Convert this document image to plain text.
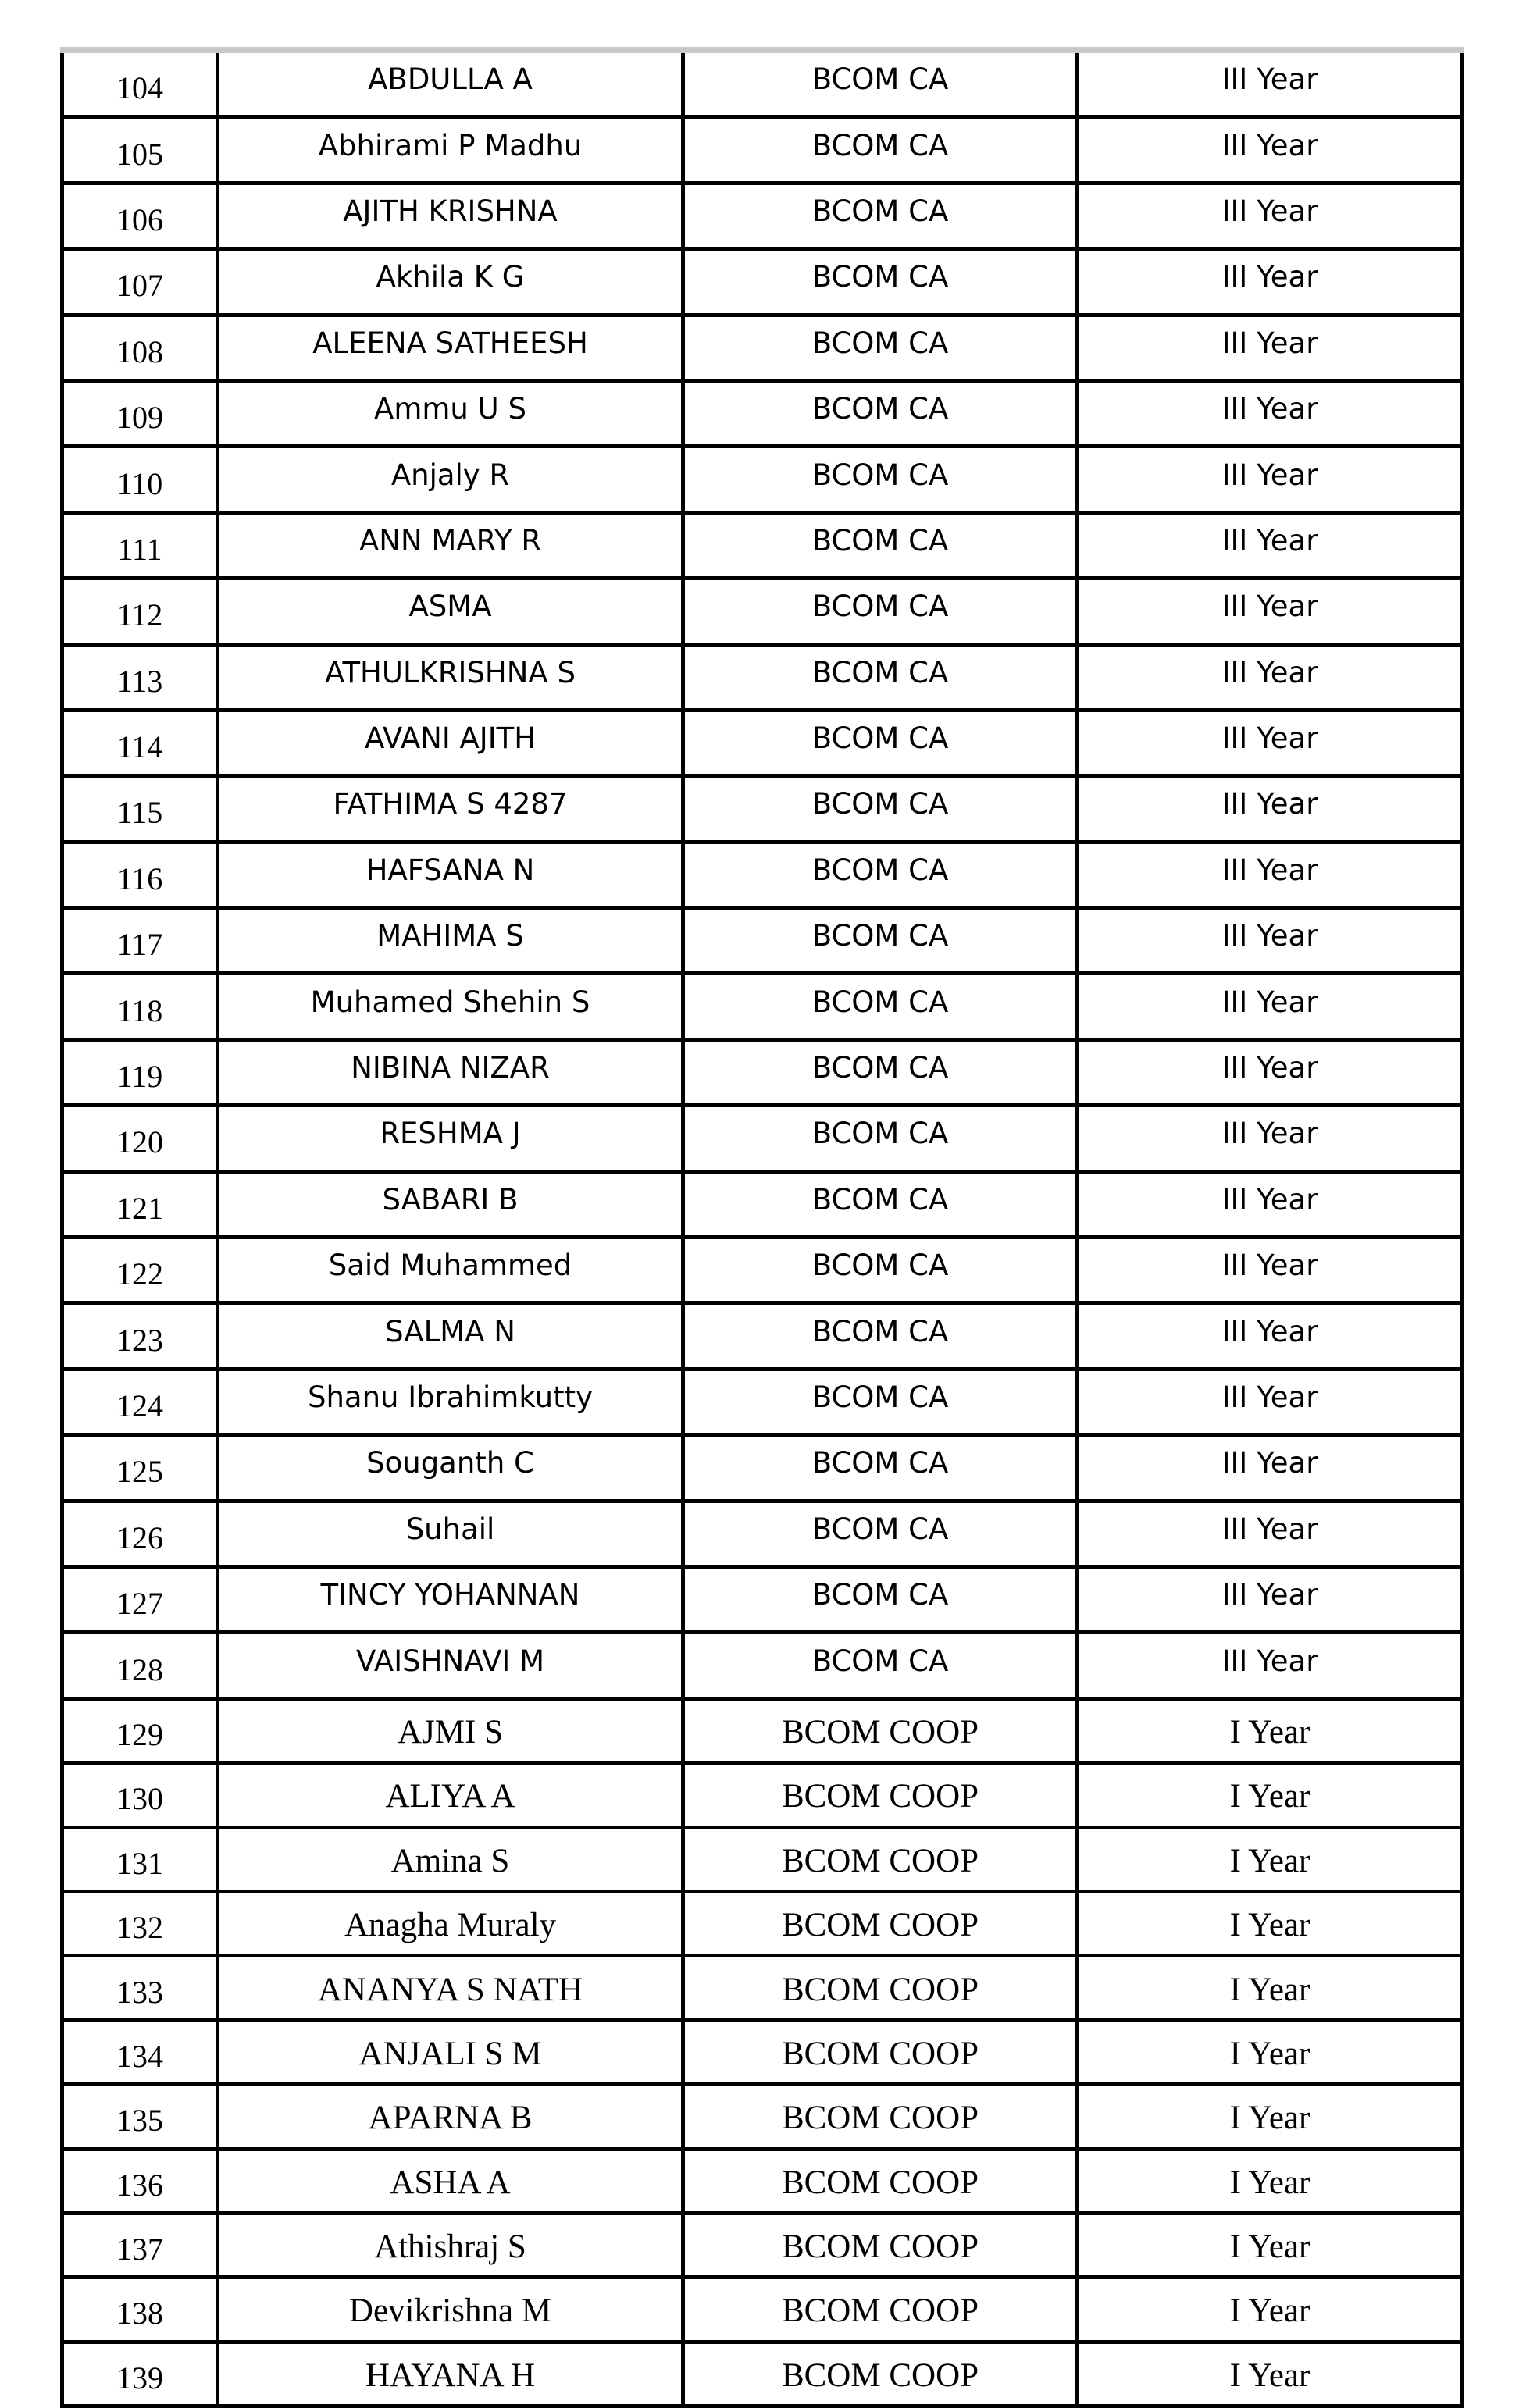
104	ABDULLA A	BCOM CA	III Year
105	Abhirami P Madhu	BCOM CA	III Year
106	AJITH KRISHNA	BCOM CA	III Year
107	Akhila K G	BCOM CA	III Year
108	ALEENA SATHEESH	BCOM CA	III Year
109	Ammu U S	BCOM CA	III Year
110	Anjaly R	BCOM CA	III Year
111	ANN MARY R	BCOM CA	III Year
112	ASMA	BCOM CA	III Year
113	ATHULKRISHNA S	BCOM CA	III Year
114	AVANI AJITH	BCOM CA	III Year
115	FATHIMA S 4287	BCOM CA	III Year
116	HAFSANA N	BCOM CA	III Year
117	MAHIMA S	BCOM CA	III Year
118	Muhamed Shehin S	BCOM CA	III Year
119	NIBINA NIZAR	BCOM CA	III Year
120	RESHMA J	BCOM CA	III Year
121	SABARI B	BCOM CA	III Year
122	Said Muhammed	BCOM CA	III Year
123	SALMA N	BCOM CA	III Year
124	Shanu Ibrahimkutty	BCOM CA	III Year
125	Souganth C	BCOM CA	III Year
126	Suhail	BCOM CA	III Year
127	TINCY YOHANNAN	BCOM CA	III Year
128	VAISHNAVI M	BCOM CA	III Year
129	AJMI S	BCOM COOP	I Year
130	ALIYA A	BCOM COOP	I Year
131	Amina S	BCOM COOP	I Year
132	Anagha Muraly	BCOM COOP	I Year
133	ANANYA S NATH	BCOM COOP	I Year
134	ANJALI S M	BCOM COOP	I Year
135	APARNA B	BCOM COOP	I Year
136	ASHA A	BCOM COOP	I Year
137	Athishraj S	BCOM COOP	I Year
138	Devikrishna M	BCOM COOP	I Year
139	HAYANA H	BCOM COOP	I Year
